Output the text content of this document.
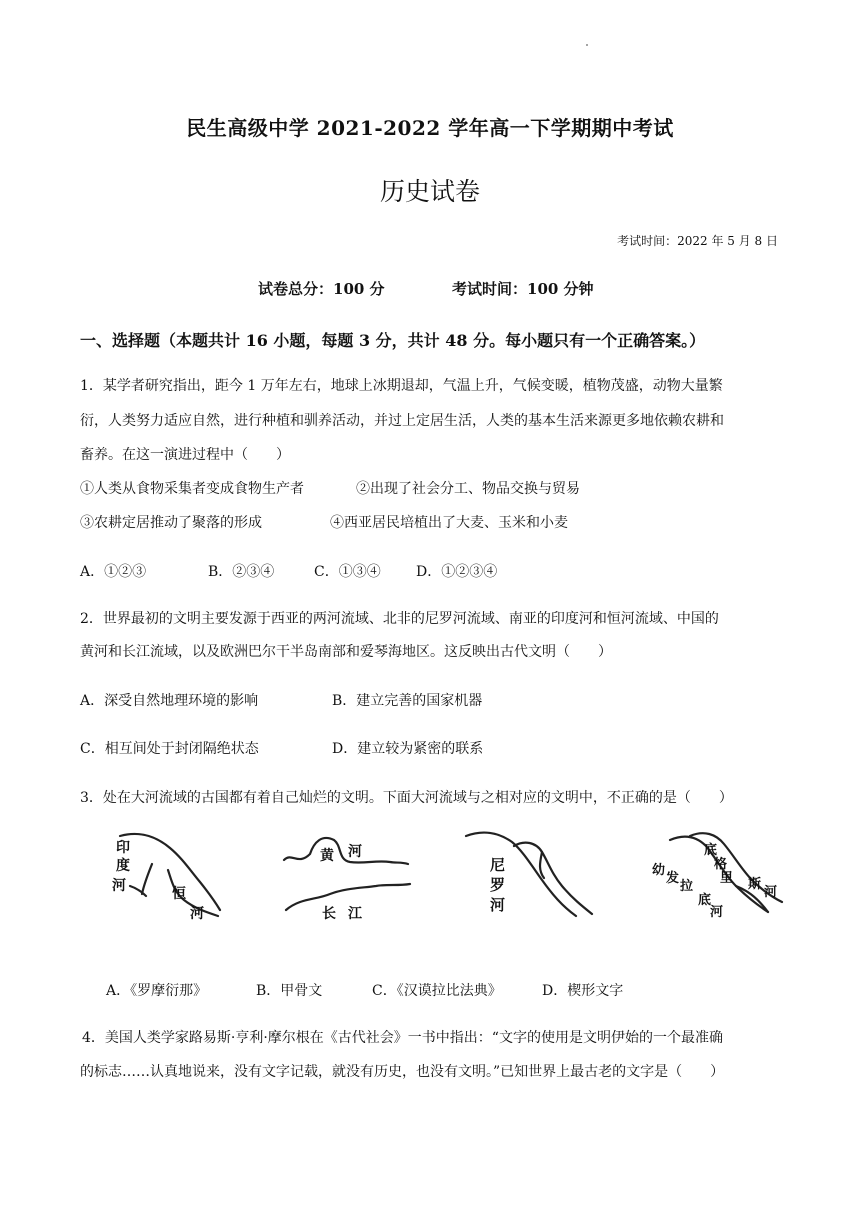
民生高级中学 2021-2022 学年高一下学期期中考试
历史试卷
考试时间：2022 年 5 月 8 日
试卷总分：100 分	考试时间：100 分钟
一、选择题（本题共计 16 小题，每题 3 分，共计 48 分。每小题只有一个正确答案。）
1．某学者研究指出，距今 1 万年左右，地球上冰期退却，气温上升，气候变暖，植物茂盛，动物大量繁
衍，人类努力适应自然，进行种植和驯养活动，并过上定居生活，人类的基本生活来源更多地依赖农耕和
畜养。在这一演进过程中（　　）
①人类从食物采集者变成食物生产者	②出现了社会分工、物品交换与贸易
③农耕定居推动了聚落的形成	④西亚居民培植出了大麦、玉米和小麦
A．①②③	B．②③④	C．①③④	D．①②③④
2．世界最初的文明主要发源于西亚的两河流域、北非的尼罗河流域、南亚的印度河和恒河流域、中国的
黄河和长江流域，以及欧洲巴尔干半岛南部和爱琴海地区。这反映出古代文明（　　）
A．深受自然地理环境的影响	B．建立完善的国家机器
C．相互间处于封闭隔绝状态	D．建立较为紧密的联系
3．处在大河流域的古国都有着自己灿烂的文明。下面大河流域与之相对应的文明中，不正确的是（　　）
印
度
河	恒
河
黄 河
长 江
尼
罗
河
幼
发
拉
底
河
底
格
里 斯
河
A．《罗摩衍那》	B．甲骨文	C．《汉谟拉比法典》	D．楔形文字
4．美国人类学家路易斯·亨利·摩尔根在《古代社会》一书中指出：“文字的使用是文明伊始的一个最准确
的标志……认真地说来，没有文字记载，就没有历史，也没有文明。”已知世界上最古老的文字是（　　）
